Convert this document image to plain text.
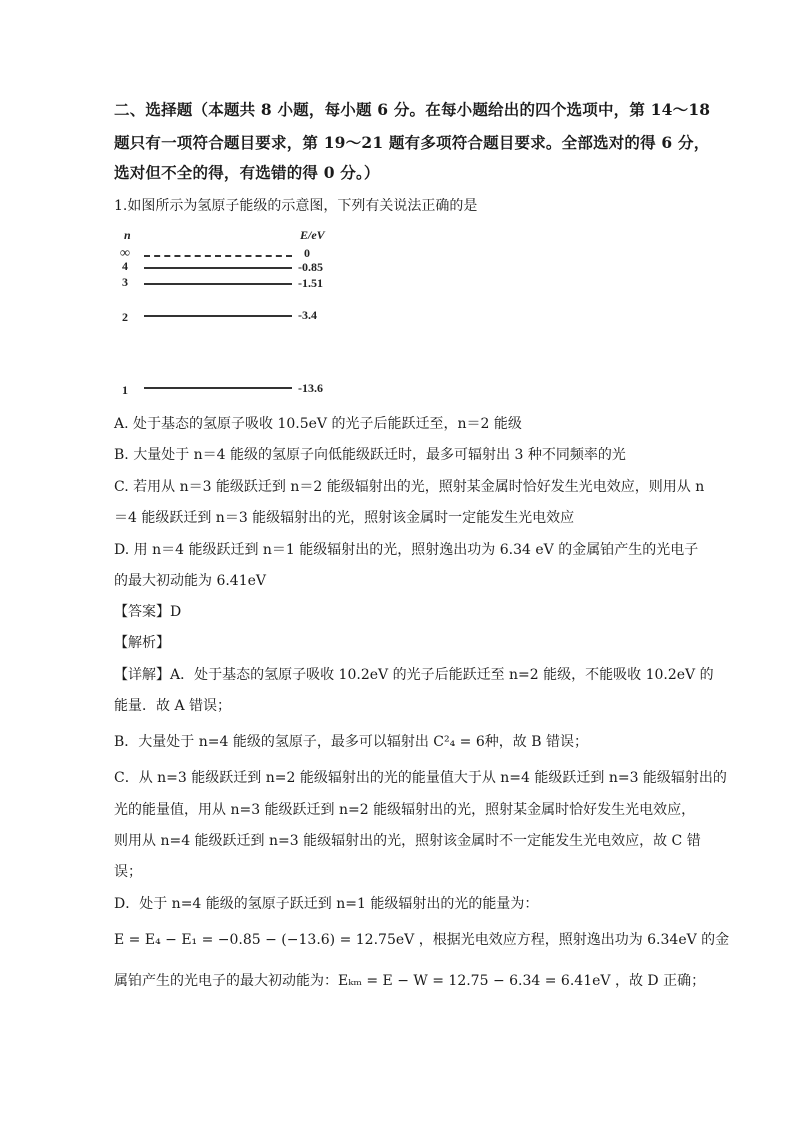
二、选择题（本题共 8 小题，每小题 6 分。在每小题给出的四个选项中，第 14～18
题只有一项符合题目要求，第 19～21 题有多项符合题目要求。全部选对的得 6 分，
选对但不全的得，有选错的得 0 分。）
1.如图所示为氢原子能级的示意图，下列有关说法正确的是
n	E/eV
∞	0
4	-0.85
3	-1.51
2	-3.4
1	-13.6
A. 处于基态的氢原子吸收 10.5eV 的光子后能跃迁至，n＝2 能级
B. 大量处于 n＝4 能级的氢原子向低能级跃迁时，最多可辐射出 3 种不同频率的光
C. 若用从 n＝3 能级跃迁到 n＝2 能级辐射出的光，照射某金属时恰好发生光电效应，则用从 n
＝4 能级跃迁到 n＝3 能级辐射出的光，照射该金属时一定能发生光电效应
D. 用 n＝4 能级跃迁到 n＝1 能级辐射出的光，照射逸出功为 6.34 eV 的金属铂产生的光电子
的最大初动能为 6.41eV
【答案】D
【解析】
【详解】A．处于基态的氢原子吸收 10.2eV 的光子后能跃迁至 n=2 能级，不能吸收 10.2eV 的
能量．故 A 错误；
B．大量处于 n=4 能级的氢原子，最多可以辐射出 C²₄ = 6种，故 B 错误；
C．从 n=3 能级跃迁到 n=2 能级辐射出的光的能量值大于从 n=4 能级跃迁到 n=3 能级辐射出的
光的能量值，用从 n=3 能级跃迁到 n=2 能级辐射出的光，照射某金属时恰好发生光电效应，
则用从 n=4 能级跃迁到 n=3 能级辐射出的光，照射该金属时不一定能发生光电效应，故 C 错
误；
D．处于 n=4 能级的氢原子跃迁到 n=1 能级辐射出的光的能量为：
E = E₄ − E₁ = −0.85 − (−13.6) = 12.75eV ，根据光电效应方程，照射逸出功为 6.34eV 的金
属铂产生的光电子的最大初动能为：Eₖₘ = E − W = 12.75 − 6.34 = 6.41eV ，故 D 正确；
